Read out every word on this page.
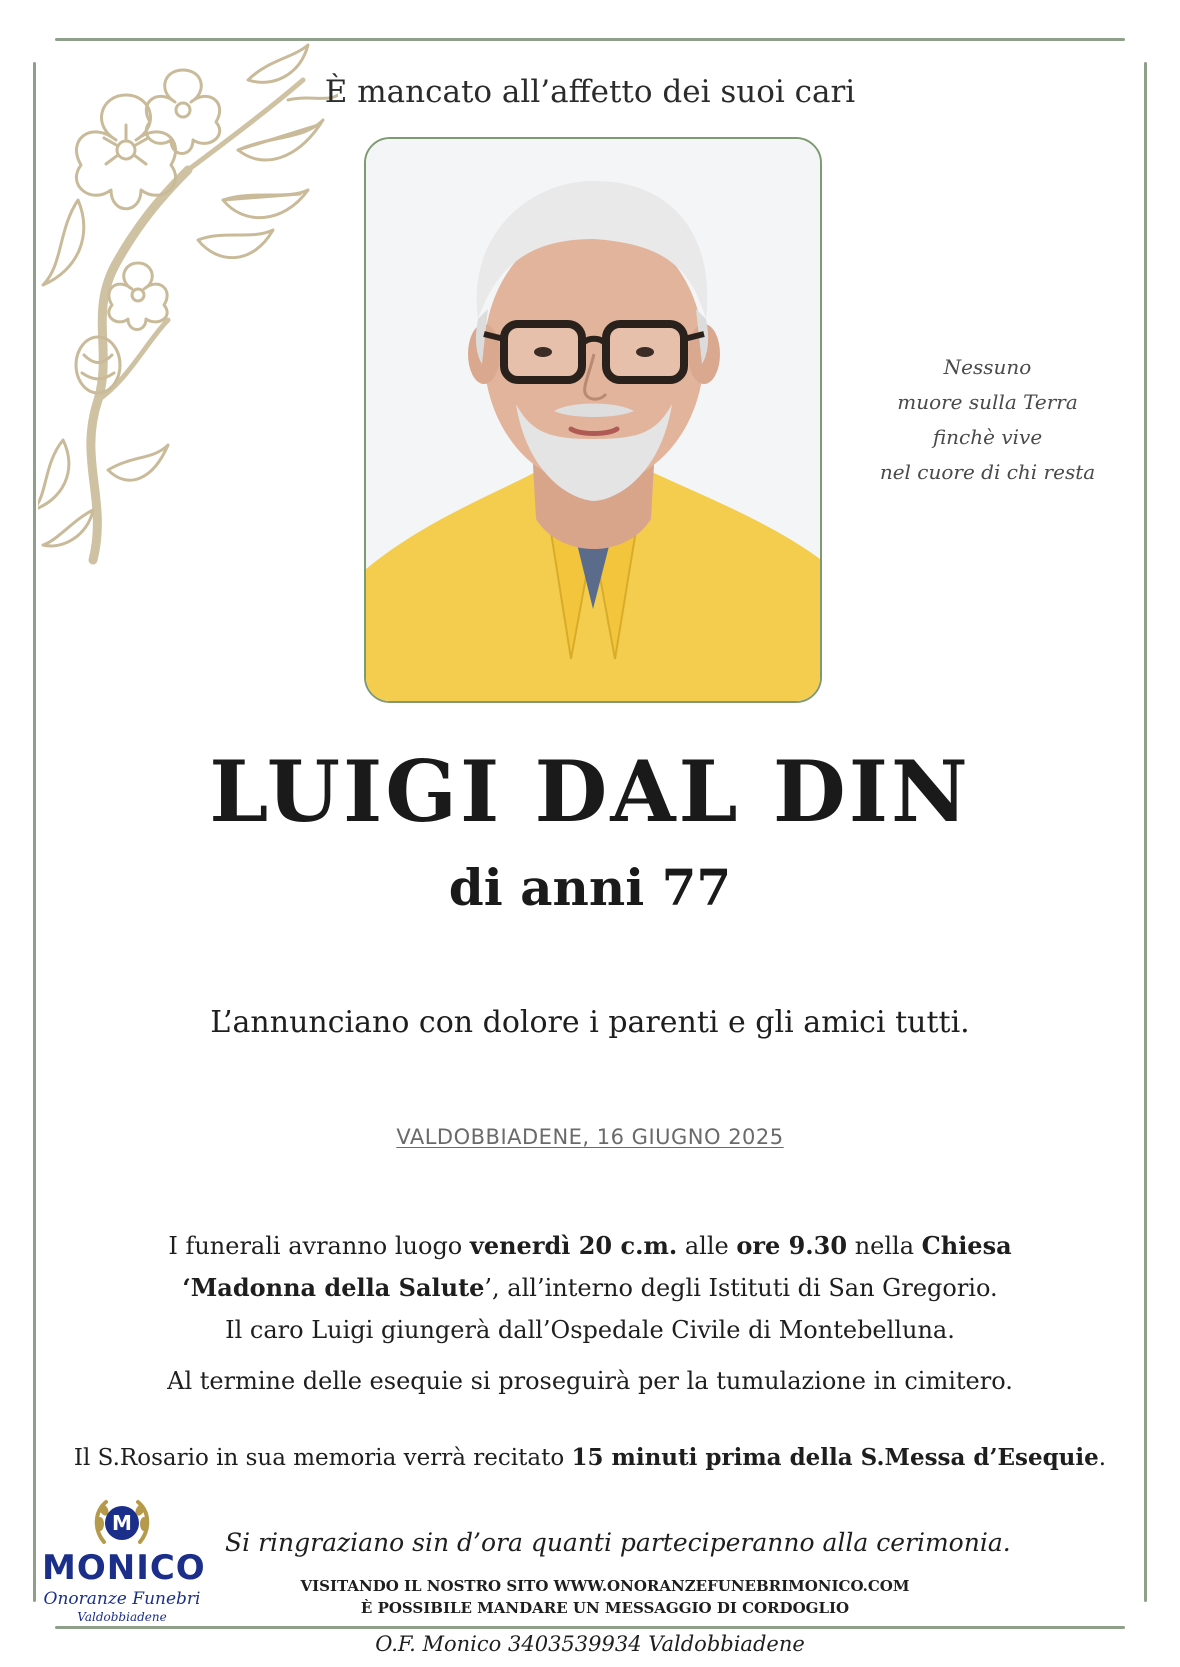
È mancato all’affetto dei suoi cari
Nessuno
muore sulla Terra
finchè vive
nel cuore di chi resta
LUIGI DAL DIN
di anni 77
L’annunciano con dolore i parenti e gli amici tutti.
VALDOBBIADENE, 16 GIUGNO 2025
I funerali avranno luogo venerdì 20 c.m. alle ore 9.30 nella Chiesa
‘Madonna della Salute’, all’interno degli Istituti di San Gregorio.
Il caro Luigi giungerà dall’Ospedale Civile di Montebelluna.
Al termine delle esequie si proseguirà per la tumulazione in cimitero.
Il S.Rosario in sua memoria verrà recitato 15 minuti prima della S.Messa d’Esequie.
M
MONICO
Onoranze Funebri
Valdobbiadene
Si ringraziano sin d’ora quanti parteciperanno alla cerimonia.
VISITANDO IL NOSTRO SITO WWW.ONORANZEFUNEBRIMONICO.COM
È POSSIBILE MANDARE UN MESSAGGIO DI CORDOGLIO
O.F. Monico 3403539934 Valdobbiadene
